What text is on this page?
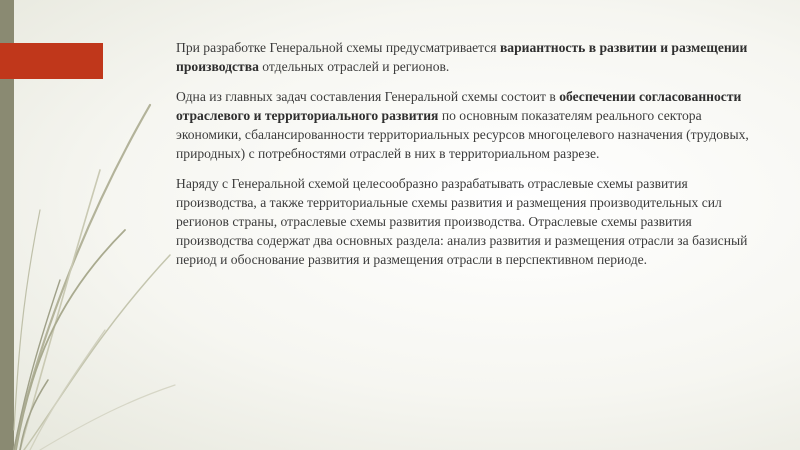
При разработке Генеральной схемы предусматривается вариантность в развитии и размещении производства отдельных отраслей и регионов.

Одна из главных задач составления Генеральной схемы состоит в обеспечении согласованности отраслевого и территориального развития по основным показателям реального сектора экономики, сбалансированности территориальных ресурсов многоцелевого назначения (трудовых, природных) с потребностями отраслей в них в территориальном разрезе.

Наряду с Генеральной схемой целесообразно разрабатывать отраслевые схемы развития производства, а также территориальные схемы развития и размещения производительных сил регионов страны, отраслевые схемы развития производства. Отраслевые схемы развития производства содержат два основных раздела: анализ развития и размещения отрасли за базисный период и обоснование развития и размещения отрасли в перспективном периоде.
